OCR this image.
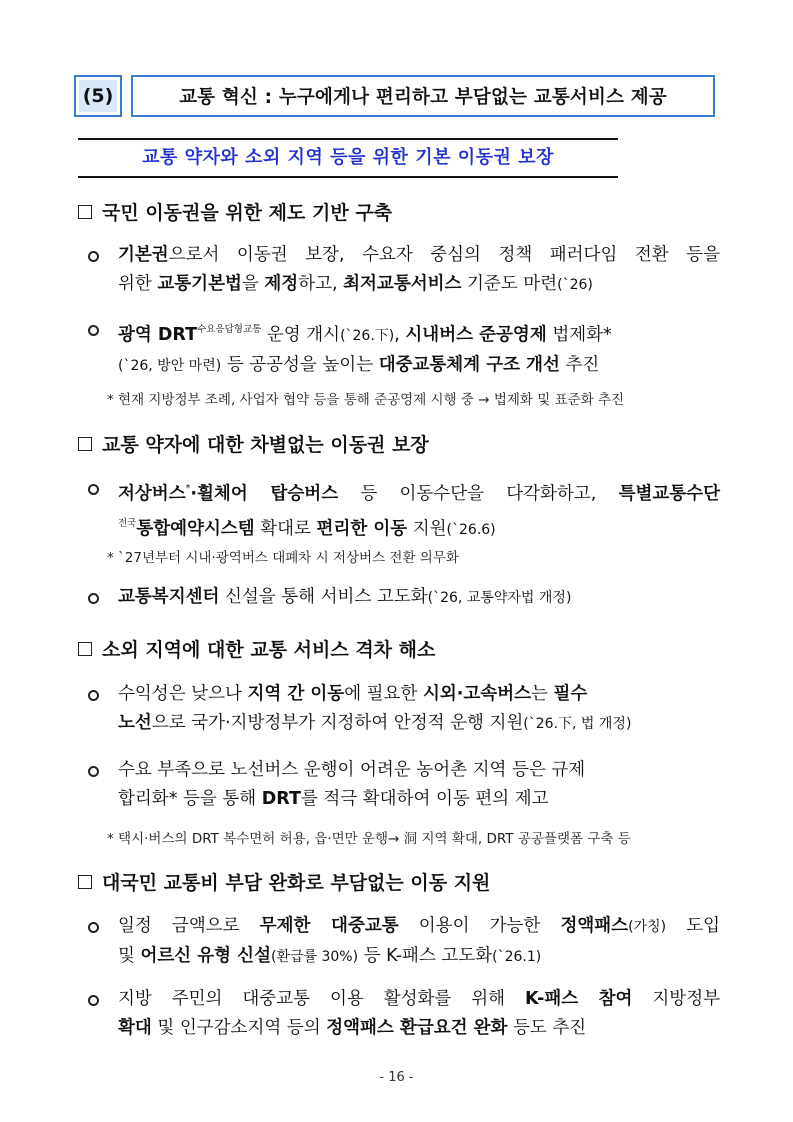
(5)	교통 혁신 : 누구에게나 편리하고 부담없는 교통서비스 제공
교통 약자와 소외 지역 등을 위한 기본 이동권 보장
국민 이동권을 위한 제도 기반 구축
기본권으로서 이동권 보장, 수요자 중심의 정책 패러다임 전환 등을
위한 교통기본법을 제정하고, 최저교통서비스 기준도 마련(`26)
광역 $DRT^{수요응답형교통}$ 운영 개시(`26.下), 시내버스 준공영제 법제화*
(`26, 방안 마련) 등 공공성을 높이는 대중교통체계 구조 개선 추진
* 현재 지방정부 조례, 사업자 협약 등을 통해 준공영제 시행 중 → 법제화 및 표준화 추진
교통 약자에 대한 차별없는 이동권 보장
저상버스*·휠체어 탑승버스 등 이동수단을 다각화하고, 특별교통수단
$^{전국}$통합예약시스템 확대로 편리한 이동 지원(`26.6)
* `27년부터 시내·광역버스 대폐차 시 저상버스 전환 의무화
교통복지센터 신설을 통해 서비스 고도화(`26, 교통약자법 개정)
소외 지역에 대한 교통 서비스 격차 해소
수익성은 낮으나 지역 간 이동에 필요한 시외·고속버스는 필수
노선으로 국가·지방정부가 지정하여 안정적 운행 지원(`26.下, 법 개정)
수요 부족으로 노선버스 운행이 어려운 농어촌 지역 등은 규제
합리화* 등을 통해 DRT를 적극 확대하여 이동 편의 제고
* 택시·버스의 DRT 복수면허 허용, 읍·면만 운행→ 洞 지역 확대, DRT 공공플랫폼 구축 등
대국민 교통비 부담 완화로 부담없는 이동 지원
일정 금액으로 무제한 대중교통 이용이 가능한 정액패스(가칭) 도입
및 어르신 유형 신설(환급률 30%) 등 K-패스 고도화(`26.1)
지방 주민의 대중교통 이용 활성화를 위해 K-패스 참여 지방정부
확대 및 인구감소지역 등의 정액패스 환급요건 완화 등도 추진
- 16 -
